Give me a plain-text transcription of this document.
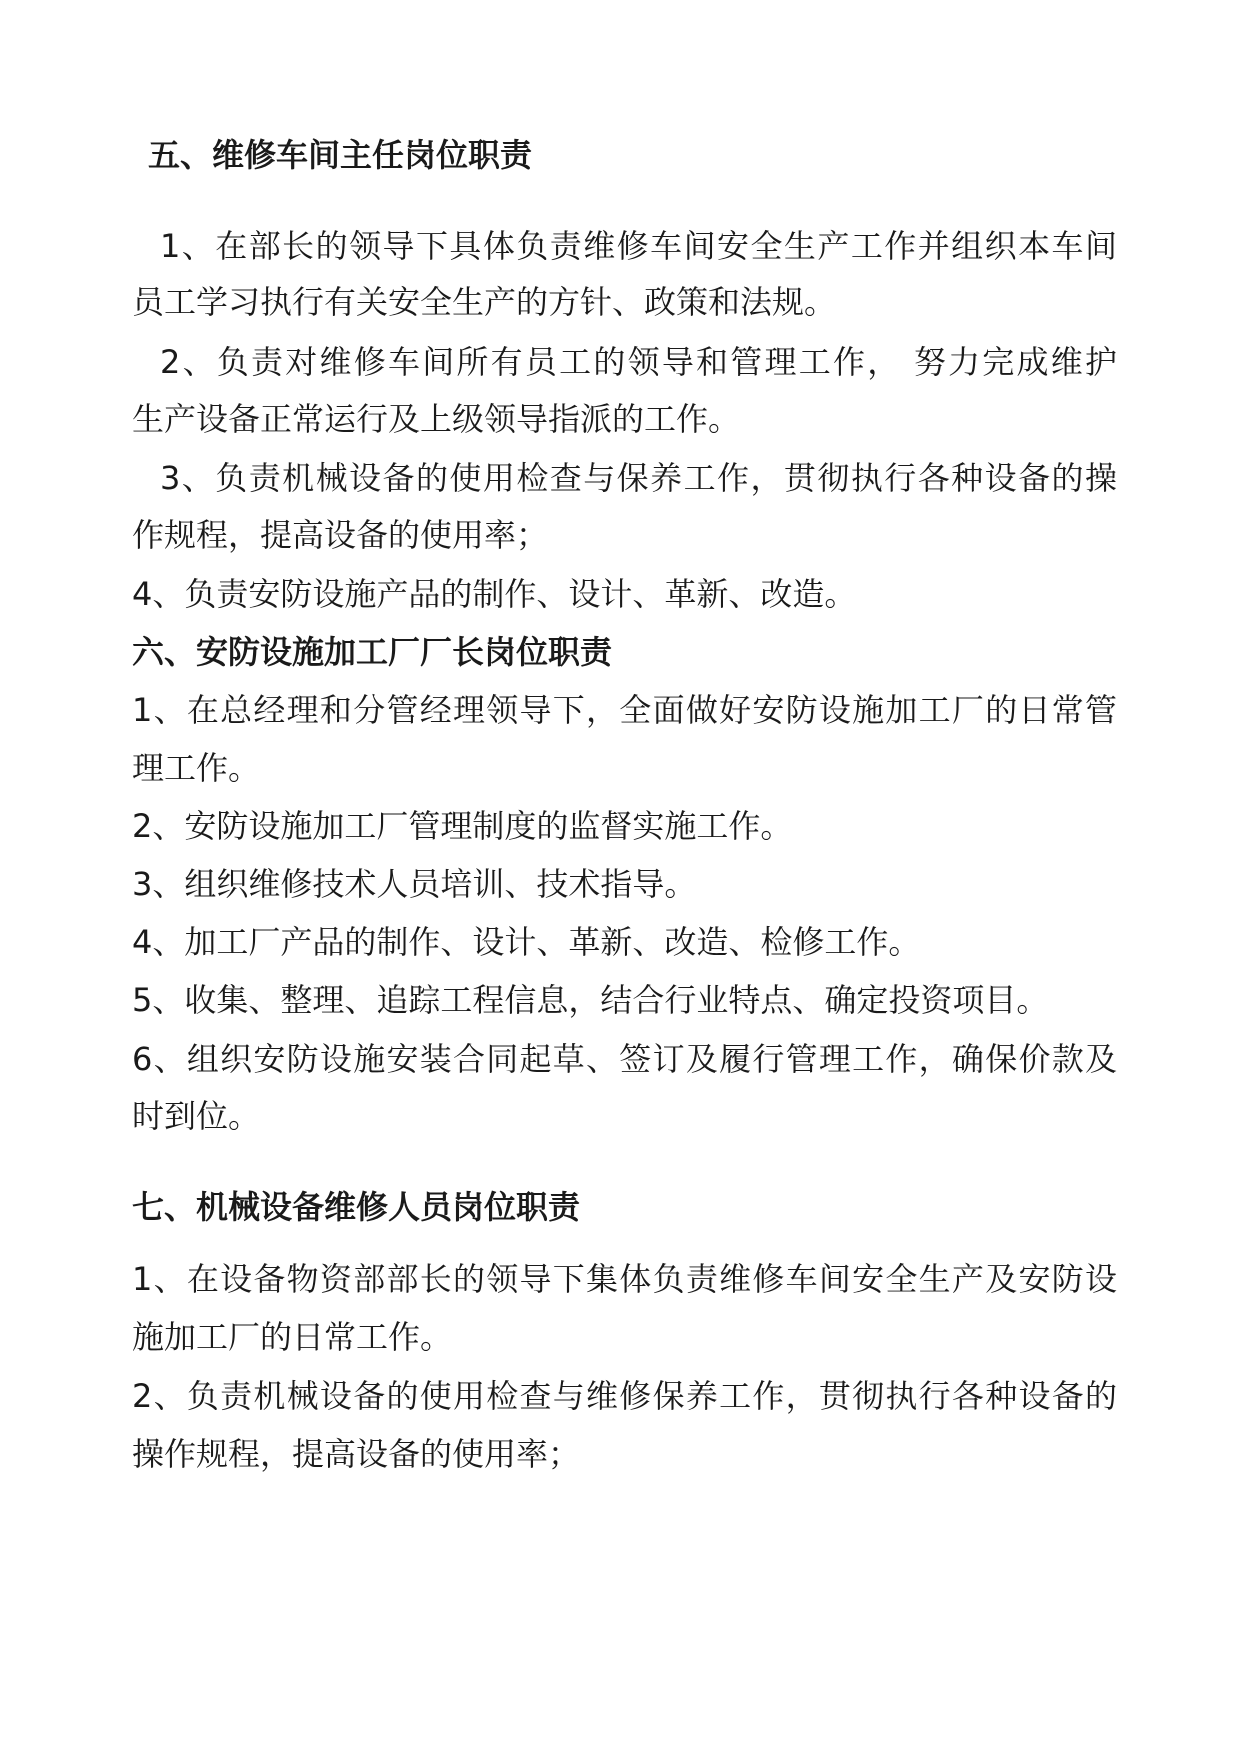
五、维修车间主任岗位职责
1、在部长的领导下具体负责维修车间安全生产工作并组织本车间
员工学习执行有关安全生产的方针、政策和法规。
2、负责对维修车间所有员工的领导和管理工作， 努力完成维护
生产设备正常运行及上级领导指派的工作。
3、负责机械设备的使用检查与保养工作，贯彻执行各种设备的操
作规程，提高设备的使用率；
4、负责安防设施产品的制作、设计、革新、改造。
六、安防设施加工厂厂长岗位职责
1、在总经理和分管经理领导下，全面做好安防设施加工厂的日常管
理工作。
2、安防设施加工厂管理制度的监督实施工作。
3、组织维修技术人员培训、技术指导。
4、加工厂产品的制作、设计、革新、改造、检修工作。
5、收集、整理、追踪工程信息，结合行业特点、确定投资项目。
6、组织安防设施安装合同起草、签订及履行管理工作，确保价款及
时到位。
七、机械设备维修人员岗位职责
1、在设备物资部部长的领导下集体负责维修车间安全生产及安防设
施加工厂的日常工作。
2、负责机械设备的使用检查与维修保养工作，贯彻执行各种设备的
操作规程，提高设备的使用率；
